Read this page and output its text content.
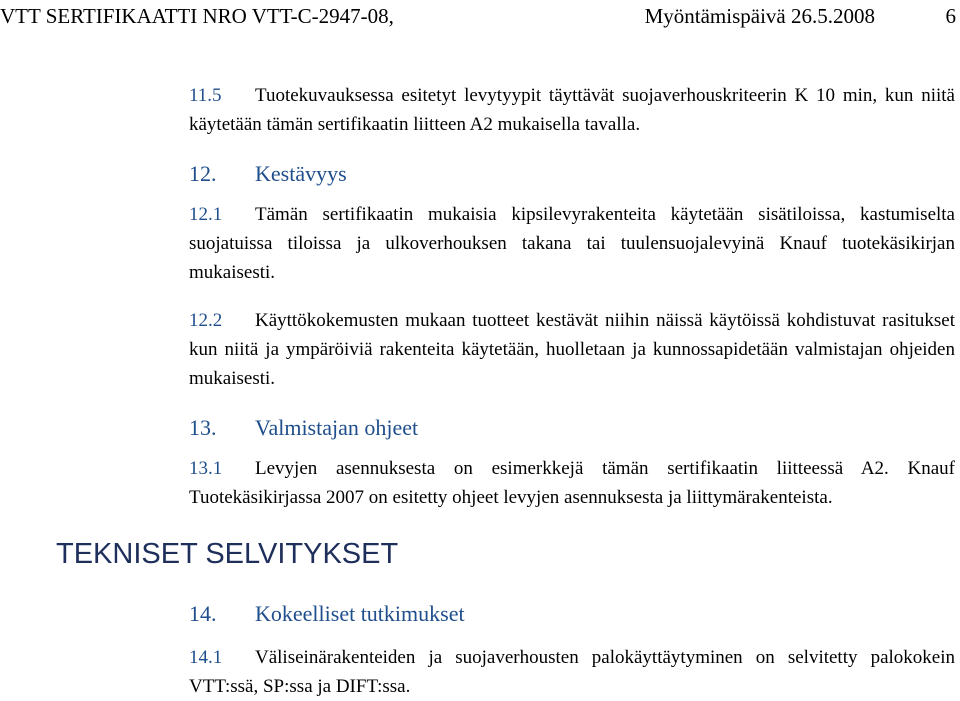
VTT SERTIFIKAATTI NRO VTT-C-2947-08,	Myöntämispäivä 26.5.2008	6
11.5 Tuotekuvauksessa esitetyt levytyypit täyttävät suojaverhouskriteerin K 10 min, kun niitä käytetään tämän sertifikaatin liitteen A2 mukaisella tavalla.
12. Kestävyys
12.1 Tämän sertifikaatin mukaisia kipsilevyrakenteita käytetään sisätiloissa, kastumiselta suojatuissa tiloissa ja ulkoverhouksen takana tai tuulensuojalevyinä Knauf tuotekäsikirjan mukaisesti.
12.2 Käyttökokemusten mukaan tuotteet kestävät niihin näissä käytöissä kohdistuvat rasitukset kun niitä ja ympäröiviä rakenteita käytetään, huolletaan ja kunnossapidetään valmistajan ohjeiden mukaisesti.
13. Valmistajan ohjeet
13.1 Levyjen asennuksesta on esimerkkejä tämän sertifikaatin liitteessä A2. Knauf Tuotekäsikirjassa 2007 on esitetty ohjeet levyjen asennuksesta ja liittymärakenteista.
TEKNISET SELVITYKSET
14. Kokeelliset tutkimukset
14.1 Väliseinärakenteiden ja suojaverhousten palokäyttäytyminen on selvitetty palokokein VTT:ssä, SP:ssa ja DIFT:ssa.
